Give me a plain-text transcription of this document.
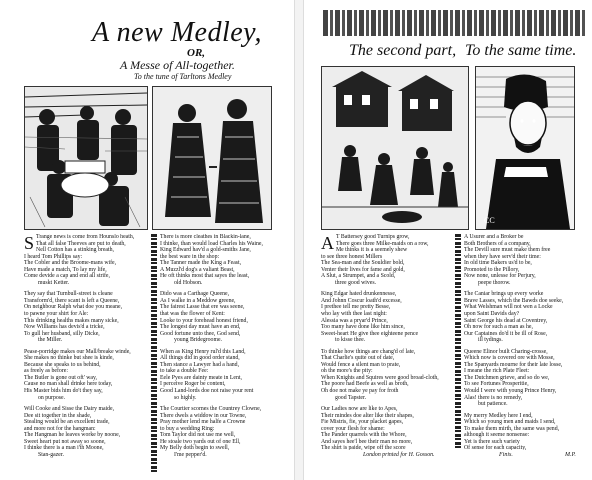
A new Medley,
OR,
A Messe of All-together.
To the tune of Tarltons Medley
S Trange news is come from Hounslo heath,
That all false Theeves are put to death,
Nell Cotton has a stinking breath,
I heard Tom Phillips say:
The Cobler and the Broome-mans wife,
Have made a match, To lay my life,
Come devide a cap and end all strife,
muskt Ketter.
They say that Turnbull-street is cleane
Transform'd, there scant is left a Queene,
On neighbour Ralph what doe you meane,
to pawne your shirt for Ale:
This drinking healths makes many sicke,
Now Williams has devis'd a tricke,
To gull her husband, silly Dicke,
the Miller.
Pease-porridge makes our Mall/breake winde,
She makes no thinke but shee is kinde,
Because she speaks to us behind,
as freely as before:
The Butler is gone out oft' way,
Cause no man shall drinke here today,
His Master bids him do't they say,
on purpose.
Will Cooke and Sisse the Dairy maide,
Dee sit together in the shade,
Stealing would be an excellent trade,
and more not for the hangman:
The Hangman he leaves worke by noone,
Sweet heart put not away so soone,
I thinke there is a man i'th Moone,
Stan-gazer.
There is more cleathes in Blackin-lane,
I thinke, than would load Charles his Waine,
King Edward hav'd a gold-smiths Jane,
the best ware in the shop:
The Tanner made the King a Feast,
A Muzzl'd dog's a valiant Beast,
He oft thinks most that sayes the least,
old Hobson.
Dido was a Carthage Queene,
As I walke in a Meddow greene,
The fairest Lasse that ere was seene,
that was the flower of Kent:
Looke to your forehead honest friend,
The longest day must have an end,
Good fortune unto thee, God send,
young Bridegroome.
When as King Henry rul'd this Land,
All things did in good order stand,
Then stance a Lawyer had a hand,
to take a double Fee:
Eele Pyes are dainty meate in Lent,
I perceive Roger be content,
Good Land-lords doe not raise your rent
so highly.
The Courtier scornes the Countrey Clowne,
There dwels a widdow in our Towne,
Pray mother lend me halfe a Crowne
to buy a wedding Ring:
Tom Taylor did not use me well,
He stoale two yards out of one Ell,
My Belly doth begin to swell,
I'me pepper'd.
The second part, To the same time.
CC
A T Battersey good Turnips grow,
There goes three Milke-maids on a row,
Me thinks it is a seemely shew
to see three honest Millers
The Sea-man and the Souldier bold,
Venter their lives for fame and gold,
A Slut, a Strumpet, and a Scold,
three good wives.
King Edgar hated drunkennesse,
And Johnn Coscur loath'd excesse,
I prethee tell me pretty Besse,
who lay with thee last night:
Alessia was a pryar'd Prince,
Too many have done like him since,
Sweet-heart He give thee eighteene pence
to kisse thee.
To thinke how things are chang'd of late,
That Charlie's quite out of date,
Would fence a silent man to prate,
oh the more's the pity:
When Knights and Squires were good broad-cloth,
The poore had Beefe as well as broth,
Oh doe not make ye pay for froth
good Tapster.
Our Ladies now are like to Apes,
Their mindes doe alter like their shapes,
Fie Mistris, fie, your placket gapes,
cover your flesh for shame:
The Pander quarrels with the Whore,
And sayes hee'l bee their man no more,
The shirt is paide, wipe off the score
A Usurer and a Broker be
Both Brothers of a company,
The Devill sure must make them free
when they have serv'd their time:
In old time Bakers us'd to be,
Promoted to the Pillory,
Now none, unlesse for Perjury,
peepe thorow.
The Caniar brings up every worke
Brave Lasses, which the Bawds doe seeke,
What Welshman will not wen a Locke
upon Saint Davids day?
Saint George his dead at Coventrey,
Oh now for such a man as he,
Our Captaines do'd it be ill of Rose,
ill tydings.
Queene Elinor built Charing-crosse,
Which now is covered ore with Mosse,
The Spanyards mourne for their late losse,
I meane the rich Plate Fleet:
The Dutchmen grieve, and so do we,
To see Fortunes Prosperitie,
Would I were with young Prince Henry,
Alas! there is no remedy,
but patience.
My merry Medley here I end,
Which so young men and maids I send,
To make them mirth, the same was pend,
although it seeme nonsense:
Yet is there such variety
Of sense for each capacity,
London printed for H. Gosson.	Finis.	M.P.
